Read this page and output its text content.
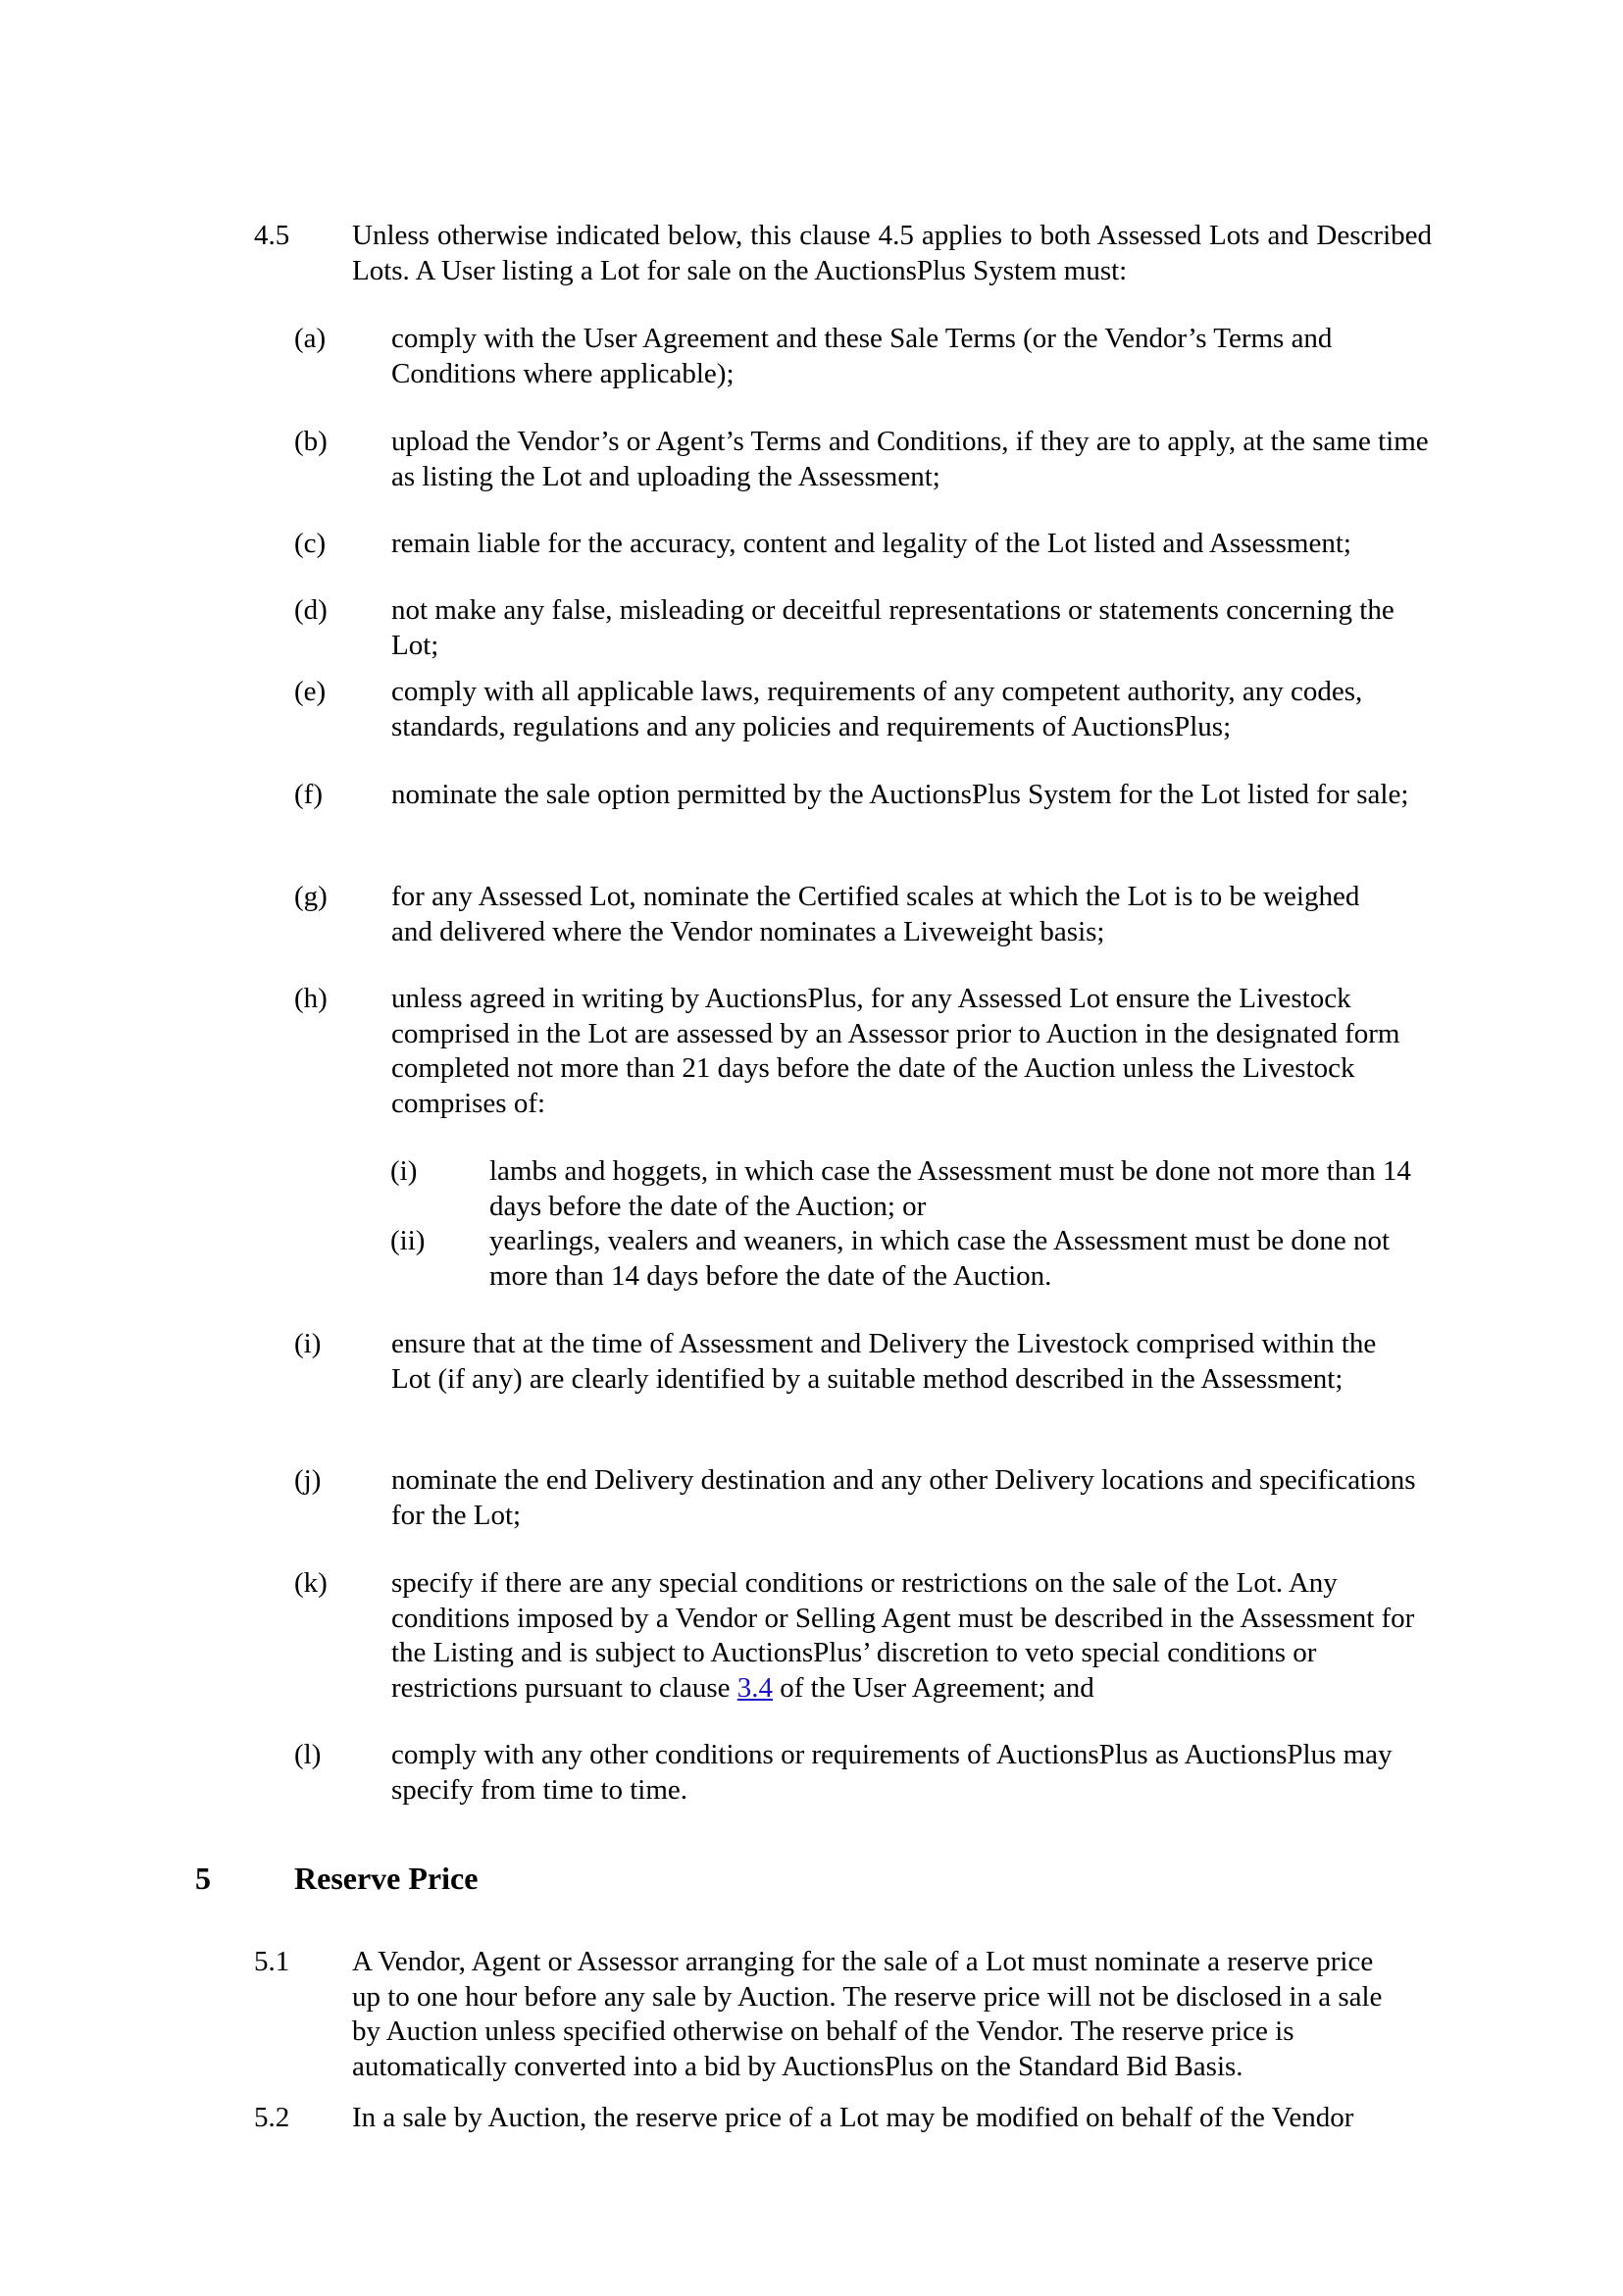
4.5 Unless otherwise indicated below, this clause 4.5 applies to both Assessed Lots and Described Lots. A User listing a Lot for sale on the AuctionsPlus System must:
(a) comply with the User Agreement and these Sale Terms (or the Vendor’s Terms and Conditions where applicable);
(b) upload the Vendor’s or Agent’s Terms and Conditions, if they are to apply, at the same time as listing the Lot and uploading the Assessment;
(c) remain liable for the accuracy, content and legality of the Lot listed and Assessment;
(d) not make any false, misleading or deceitful representations or statements concerning the Lot;
(e) comply with all applicable laws, requirements of any competent authority, any codes, standards, regulations and any policies and requirements of AuctionsPlus;
(f) nominate the sale option permitted by the AuctionsPlus System for the Lot listed for sale;
(g) for any Assessed Lot, nominate the Certified scales at which the Lot is to be weighed and delivered where the Vendor nominates a Liveweight basis;
(h) unless agreed in writing by AuctionsPlus, for any Assessed Lot ensure the Livestock comprised in the Lot are assessed by an Assessor prior to Auction in the designated form completed not more than 21 days before the date of the Auction unless the Livestock comprises of:
(i)	lambs and hoggets, in which case the Assessment must be done not more than 14 days before the date of the Auction; or
(ii) yearlings, vealers and weaners, in which case the Assessment must be done not more than 14 days before the date of the Auction.
(i) ensure that at the time of Assessment and Delivery the Livestock comprised within the Lot (if any) are clearly identified by a suitable method described in the Assessment;
(j) nominate the end Delivery destination and any other Delivery locations and specifications for the Lot;
(k) specify if there are any special conditions or restrictions on the sale of the Lot. Any conditions imposed by a Vendor or Selling Agent must be described in the Assessment for the Listing and is subject to AuctionsPlus’ discretion to veto special conditions or restrictions pursuant to clause 3.4 of the User Agreement; and
(l) comply with any other conditions or requirements of AuctionsPlus as AuctionsPlus may specify from time to time.
5	Reserve Price
5.1 A Vendor, Agent or Assessor arranging for the sale of a Lot must nominate a reserve price up to one hour before any sale by Auction. The reserve price will not be disclosed in a sale by Auction unless specified otherwise on behalf of the Vendor. The reserve price is automatically converted into a bid by AuctionsPlus on the Standard Bid Basis.
5.2 In a sale by Auction, the reserve price of a Lot may be modified on behalf of the Vendor
